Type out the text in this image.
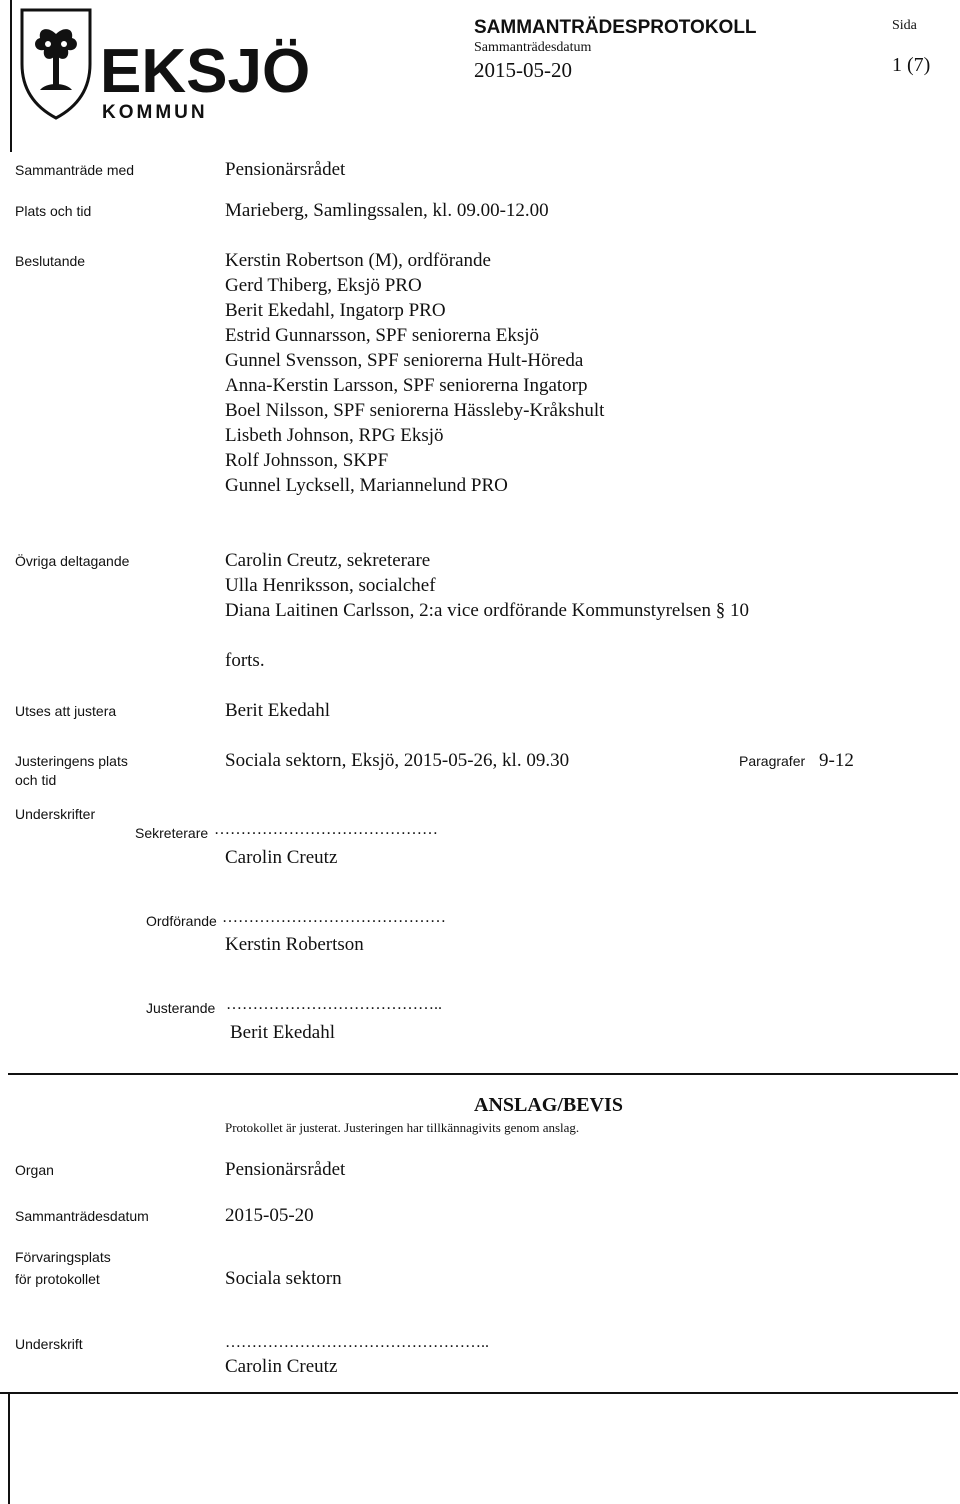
EKSJÖ
KOMMUN
SAMMANTRÄDESPROTOKOLL
Sammanträdesdatum
2015-05-20
Sida
1 (7)
Sammanträde med	Pensionärsrådet
Plats och tid	Marieberg, Samlingssalen, kl. 09.00-12.00
Beslutande	Kerstin Robertson (M), ordförande
Gerd Thiberg, Eksjö PRO
Berit Ekedahl, Ingatorp PRO
Estrid Gunnarsson, SPF seniorerna Eksjö
Gunnel Svensson, SPF seniorerna Hult-Höreda
Anna-Kerstin Larsson, SPF seniorerna Ingatorp
Boel Nilsson, SPF seniorerna Hässleby-Kråkshult
Lisbeth Johnson, RPG Eksjö
Rolf Johnsson, SKPF
Gunnel Lycksell, Mariannelund PRO
Övriga deltagande	Carolin Creutz, sekreterare
Ulla Henriksson, socialchef
Diana Laitinen Carlsson, 2:a vice ordförande Kommunstyrelsen § 10
forts.
Utses att justera	Berit Ekedahl
Justeringens plats
och tid
Sociala sektorn, Eksjö, 2015-05-26, kl. 09.30	Paragrafer 9-12
Underskrifter
Sekreterare ……………………………………
Carolin Creutz
Ordförande ……………………………………
Kerstin Robertson
Justerande …………………………………..
Berit Ekedahl
ANSLAG/BEVIS
Protokollet är justerat. Justeringen har tillkännagivits genom anslag.
Organ	Pensionärsrådet
Sammanträdesdatum	2015-05-20
Förvaringsplats
för protokollet	Sociala sektorn
Underskrift	…………………………………………..
Carolin Creutz
